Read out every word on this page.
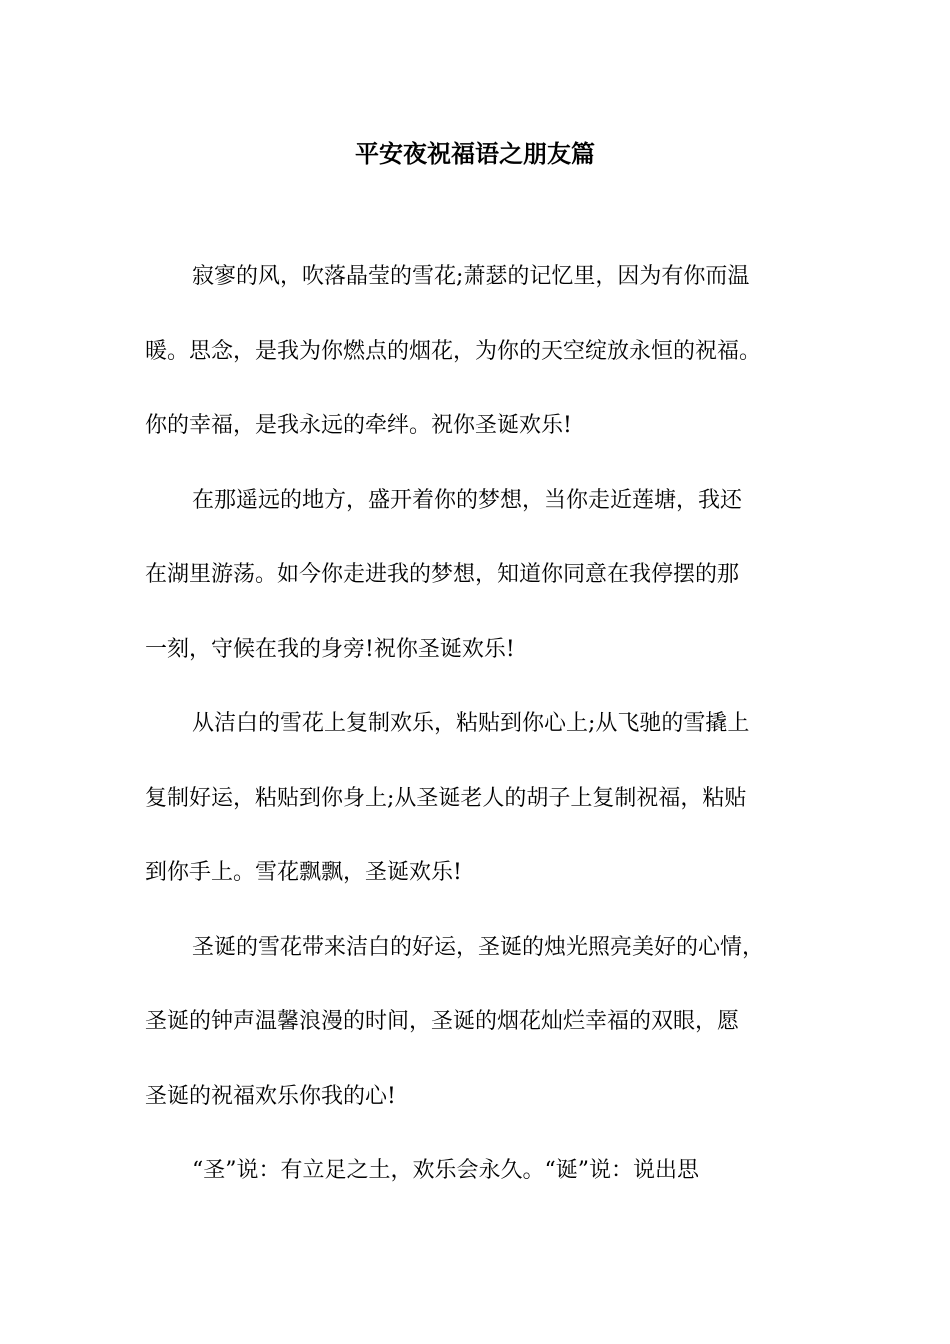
平安夜祝福语之朋友篇
寂寥的风，吹落晶莹的雪花;萧瑟的记忆里，因为有你而温
暖。思念，是我为你燃点的烟花，为你的天空绽放永恒的祝福。
你的幸福，是我永远的牵绊。祝你圣诞欢乐!
在那遥远的地方，盛开着你的梦想，当你走近莲塘，我还
在湖里游荡。如今你走进我的梦想，知道你同意在我停摆的那
一刻，守候在我的身旁!祝你圣诞欢乐!
从洁白的雪花上复制欢乐，粘贴到你心上;从飞驰的雪撬上
复制好运，粘贴到你身上;从圣诞老人的胡子上复制祝福，粘贴
到你手上。雪花飘飘，圣诞欢乐!
圣诞的雪花带来洁白的好运，圣诞的烛光照亮美好的心情，
圣诞的钟声温馨浪漫的时间，圣诞的烟花灿烂幸福的双眼，愿
圣诞的祝福欢乐你我的心!
“圣”说：有立足之土，欢乐会永久。“诞”说：说出思
